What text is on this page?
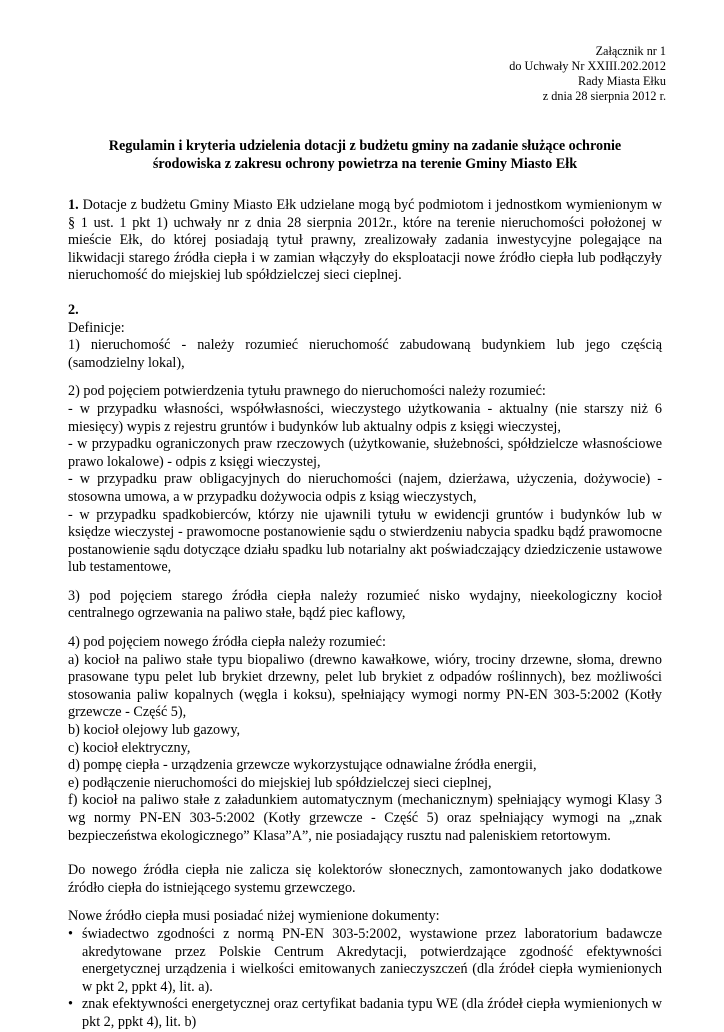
Załącznik nr 1
do Uchwały Nr XXIII.202.2012
Rady Miasta Ełku
z dnia 28 sierpnia 2012 r.
Regulamin i kryteria udzielenia dotacji z budżetu gminy na zadanie służące ochronie
środowiska z zakresu ochrony powietrza na terenie Gminy Miasto Ełk

1. Dotacje z budżetu Gminy Miasto Ełk udzielane mogą być podmiotom i jednostkom wymienionym w § 1 ust. 1 pkt 1) uchwały nr z dnia 28 sierpnia 2012r., które na terenie nieruchomości położonej w mieście Ełk, do której posiadają tytuł prawny, zrealizowały zadania inwestycyjne polegające na likwidacji starego źródła ciepła i w zamian włączyły do eksploatacji nowe źródło ciepła lub podłączyły nieruchomość do miejskiej lub spółdzielczej sieci cieplnej.

2.
Definicje:

1) nieruchomość - należy rozumieć nieruchomość zabudowaną budynkiem lub jego częścią (samodzielny lokal),

2) pod pojęciem potwierdzenia tytułu prawnego do nieruchomości należy rozumieć:

- w przypadku własności, współwłasności, wieczystego użytkowania - aktualny (nie starszy niż 6 miesięcy) wypis z rejestru gruntów i budynków lub aktualny odpis z księgi wieczystej,

- w przypadku ograniczonych praw rzeczowych (użytkowanie, służebności, spółdzielcze własnościowe prawo lokalowe) - odpis z księgi wieczystej,

- w przypadku praw obligacyjnych do nieruchomości (najem, dzierżawa, użyczenia, dożywocie) - stosowna umowa, a w przypadku dożywocia odpis z ksiąg wieczystych,

- w przypadku spadkobierców, którzy nie ujawnili tytułu w ewidencji gruntów i budynków lub w księdze wieczystej - prawomocne postanowienie sądu o stwierdzeniu nabycia spadku bądź prawomocne postanowienie sądu dotyczące działu spadku lub notarialny akt poświadczający dziedziczenie ustawowe lub testamentowe,

3) pod pojęciem starego źródła ciepła należy rozumieć nisko wydajny, nieekologiczny kocioł centralnego ogrzewania na paliwo stałe, bądź piec kaflowy,

4) pod pojęciem nowego źródła ciepła należy rozumieć:

a) kocioł na paliwo stałe typu biopaliwo (drewno kawałkowe, wióry, trociny drzewne, słoma, drewno prasowane typu pelet lub brykiet drzewny, pelet lub brykiet z odpadów roślinnych), bez możliwości stosowania paliw kopalnych (węgla i koksu), spełniający wymogi normy PN-EN 303-5:2002 (Kotły grzewcze - Część 5),

b) kocioł olejowy lub gazowy,

c) kocioł elektryczny,

d) pompę ciepła - urządzenia grzewcze wykorzystujące odnawialne źródła energii,

e) podłączenie nieruchomości do miejskiej lub spółdzielczej sieci cieplnej,

f) kocioł na paliwo stałe z załadunkiem automatycznym (mechanicznym) spełniający wymogi Klasy 3 wg normy PN-EN 303-5:2002 (Kotły grzewcze - Część 5) oraz spełniający wymogi na „znak bezpieczeństwa ekologicznego” Klasa”A”, nie posiadający rusztu nad paleniskiem retortowym.

Do nowego źródła ciepła nie zalicza się kolektorów słonecznych, zamontowanych jako dodatkowe źródło ciepła do istniejącego systemu grzewczego.

Nowe źródło ciepła musi posiadać niżej wymienione dokumenty:

• świadectwo zgodności z normą PN-EN 303-5:2002, wystawione przez laboratorium badawcze akredytowane przez Polskie Centrum Akredytacji, potwierdzające zgodność efektywności energetycznej urządzenia i wielkości emitowanych zanieczyszczeń (dla źródeł ciepła wymienionych w pkt 2, ppkt 4), lit. a).
• znak efektywności energetycznej oraz certyfikat badania typu WE (dla źródeł ciepła wymienionych w pkt 2, ppkt 4), lit. b)
